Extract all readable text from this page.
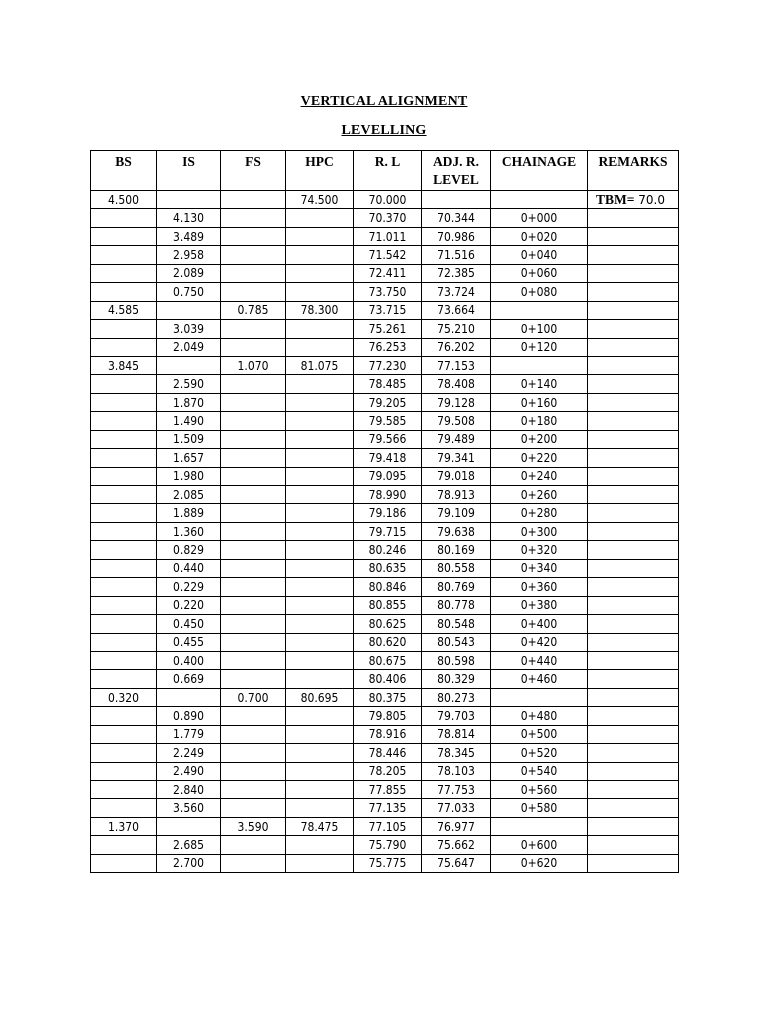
VERTICAL ALIGNMENT
LEVELLING
BS	IS	FS	HPC	R. L	ADJ. R. LEVEL	CHAINAGE	REMARKS
4.500			74.500	70.000			TBM= 70.0
	4.130			70.370	70.344	0+000	
	3.489			71.011	70.986	0+020	
	2.958			71.542	71.516	0+040	
	2.089			72.411	72.385	0+060	
	0.750			73.750	73.724	0+080	
4.585		0.785	78.300	73.715	73.664		
	3.039			75.261	75.210	0+100	
	2.049			76.253	76.202	0+120	
3.845		1.070	81.075	77.230	77.153		
	2.590			78.485	78.408	0+140	
	1.870			79.205	79.128	0+160	
	1.490			79.585	79.508	0+180	
	1.509			79.566	79.489	0+200	
	1.657			79.418	79.341	0+220	
	1.980			79.095	79.018	0+240	
	2.085			78.990	78.913	0+260	
	1.889			79.186	79.109	0+280	
	1.360			79.715	79.638	0+300	
	0.829			80.246	80.169	0+320	
	0.440			80.635	80.558	0+340	
	0.229			80.846	80.769	0+360	
	0.220			80.855	80.778	0+380	
	0.450			80.625	80.548	0+400	
	0.455			80.620	80.543	0+420	
	0.400			80.675	80.598	0+440	
	0.669			80.406	80.329	0+460	
0.320		0.700	80.695	80.375	80.273		
	0.890			79.805	79.703	0+480	
	1.779			78.916	78.814	0+500	
	2.249			78.446	78.345	0+520	
	2.490			78.205	78.103	0+540	
	2.840			77.855	77.753	0+560	
	3.560			77.135	77.033	0+580	
1.370		3.590	78.475	77.105	76.977		
	2.685			75.790	75.662	0+600	
	2.700			75.775	75.647	0+620	
